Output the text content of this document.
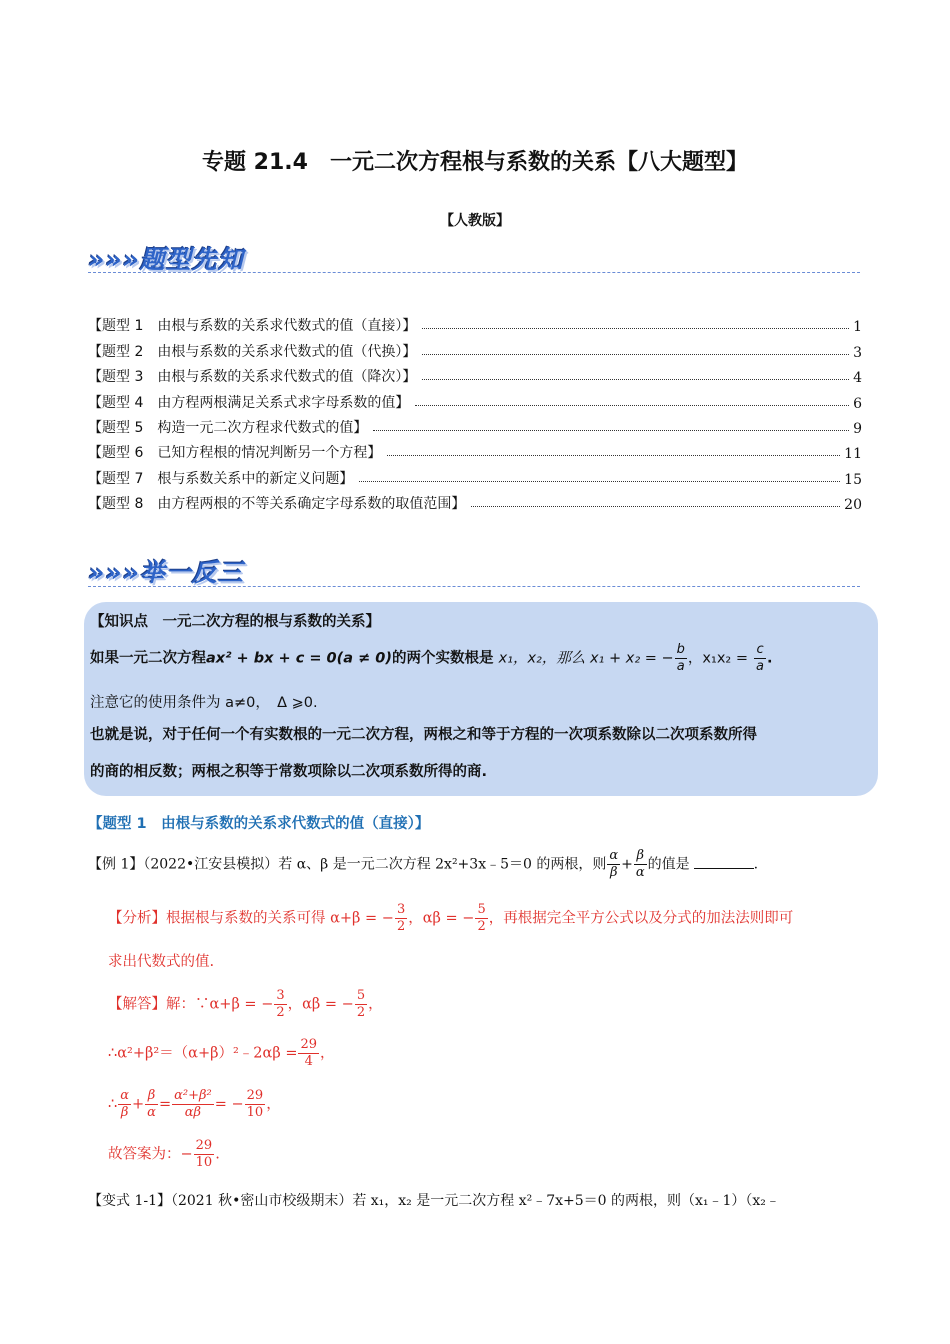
专题 21.4　一元二次方程根与系数的关系【八大题型】
【人教版】
»»»题型先知
【题型 1　由根与系数的关系求代数式的值（直接）】	1
【题型 2　由根与系数的关系求代数式的值（代换）】	3
【题型 3　由根与系数的关系求代数式的值（降次）】	4
【题型 4　由方程两根满足关系式求字母系数的值】	6
【题型 5　构造一元二次方程求代数式的值】	9
【题型 6　已知方程根的情况判断另一个方程】	11
【题型 7　根与系数关系中的新定义问题】	15
【题型 8　由方程两根的不等关系确定字母系数的取值范围】	20
»»»举一反三
【知识点　一元二次方程的根与系数的关系】
如果一元二次方程ax² + bx + c = 0(a ≠ 0)的两个实数根是 x₁，x₂，那么 x₁ + x₂ = − $\frac{b}{a}$ ，$x_1x_2 = \frac{c}{a}$ .
注意它的使用条件为 a≠0，　Δ ⩾0.
也就是说，对于任何一个有实数根的一元二次方程，两根之和等于方程的一次项系数除以二次项系数所得
的商的相反数；两根之积等于常数项除以二次项系数所得的商.
【题型 1　由根与系数的关系求代数式的值（直接）】
【例 1】（2022•江安县模拟）若 α、β 是一元二次方程 2x²+3x﹣5＝0 的两根，则 $\frac{\alpha}{\beta} + \frac{\beta}{\alpha}$ 的值是	.
【分析】根据根与系数的关系可得 α+β = − $\frac{3}{2}$ ，αβ = − $\frac{5}{2}$ ，再根据完全平方公式以及分式的加法法则即可
求出代数式的值.
【解答】解：∵α+β = − $\frac{3}{2}$ ，αβ = − $\frac{5}{2}$ ，
∴α²+β²＝（α+β）²﹣2αβ = $\frac{29}{4}$ ，
∴ $\frac{\alpha}{\beta} + \frac{\beta}{\alpha} = \frac{\text{α²+β²}}{\alpha\beta}$ = − $\frac{29}{10}$ ，
故答案为：− $\frac{29}{10}$ .
【变式 1-1】（2021 秋•密山市校级期末）若 x₁，x₂ 是一元二次方程 x²﹣7x+5＝0 的两根，则（x₁﹣1）（x₂﹣
